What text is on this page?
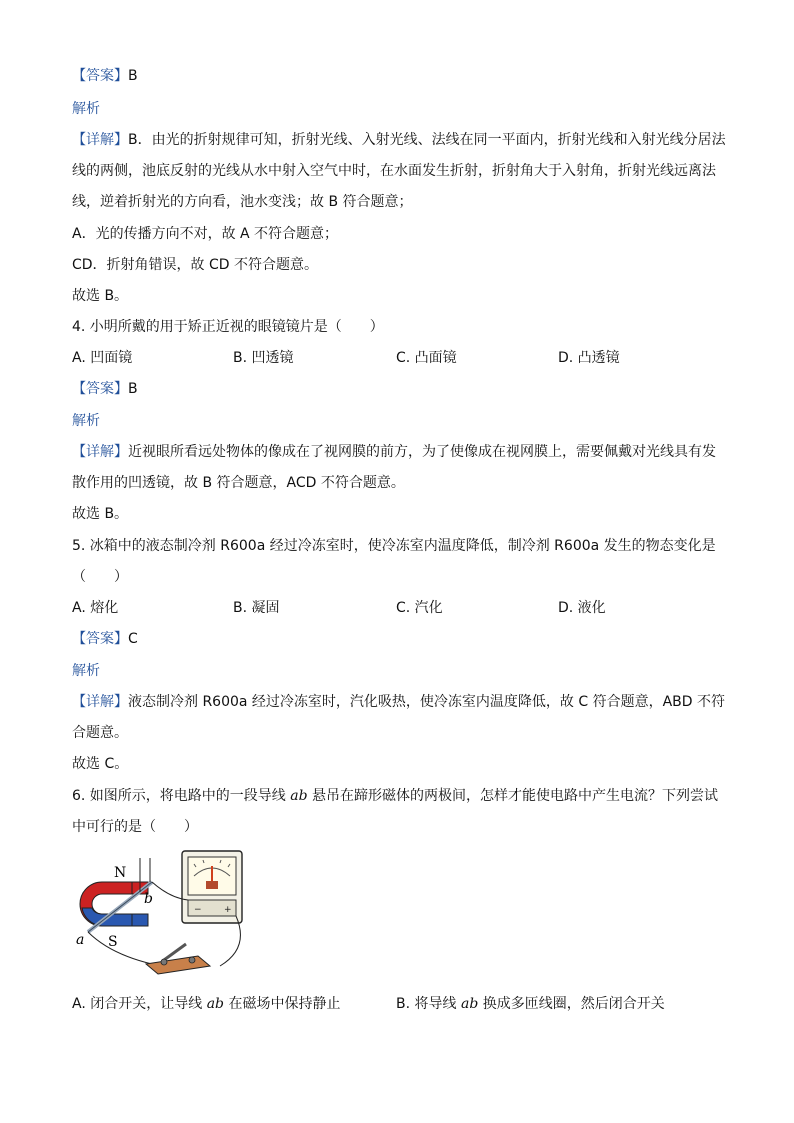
【答案】B
解析
【详解】B．由光的折射规律可知，折射光线、入射光线、法线在同一平面内，折射光线和入射光线分居法
线的两侧，池底反射的光线从水中射入空气中时，在水面发生折射，折射角大于入射角，折射光线远离法
线，逆着折射光的方向看，池水变浅；故 B 符合题意；
A．光的传播方向不对，故 A 不符合题意；
CD．折射角错误，故 CD 不符合题意。
故选 B。
4. 小明所戴的用于矫正近视的眼镜镜片是（　　）
A. 凹面镜	B. 凹透镜	C. 凸面镜	D. 凸透镜
【答案】B
解析
【详解】近视眼所看远处物体的像成在了视网膜的前方，为了使像成在视网膜上，需要佩戴对光线具有发
散作用的凹透镜，故 B 符合题意，ACD 不符合题意。
故选 B。
5. 冰箱中的液态制冷剂 R600a 经过冷冻室时，使冷冻室内温度降低，制冷剂 R600a 发生的物态变化是
（　　）
A. 熔化	B. 凝固	C. 汽化	D. 液化
【答案】C
解析
【详解】液态制冷剂 R600a 经过冷冻室时，汽化吸热，使冷冻室内温度降低，故 C 符合题意，ABD 不符
合题意。
故选 C。
6. 如图所示，将电路中的一段导线 ab 悬吊在蹄形磁体的两极间，怎样才能使电路中产生电流？下列尝试
中可行的是（　　）
− +
N
S
a
b
A. 闭合开关，让导线 ab 在磁场中保持静止	B. 将导线 ab 换成多匝线圈，然后闭合开关
